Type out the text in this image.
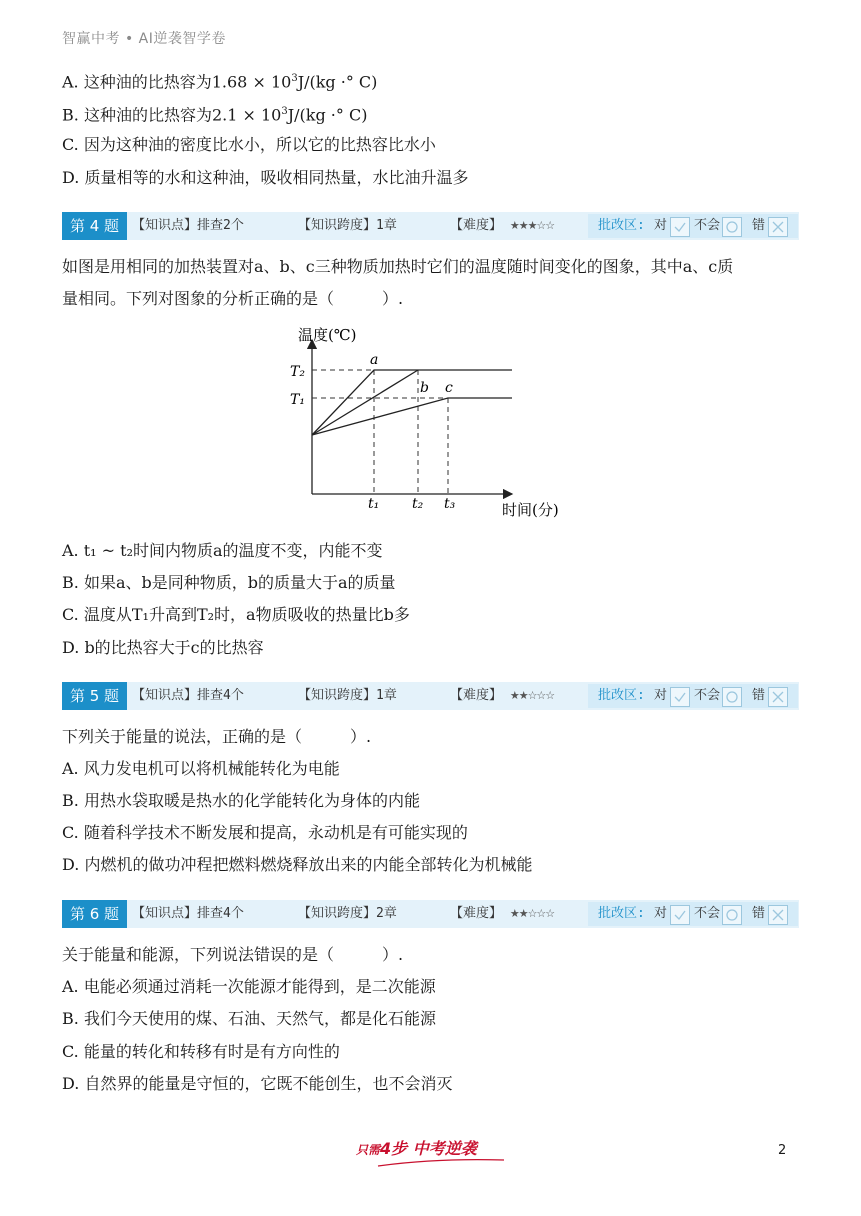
智赢中考 • AI逆袭智学卷
A. 这种油的比热容为$1.68 \times 10^3J/(kg$ ·° C)
B. 这种油的比热容为$2.1 \times 10^3J/(kg$ ·° C)
C. 因为这种油的密度比水小，所以它的比热容比水小
D. 质量相等的水和这种油，吸收相同热量，水比油升温多
第 4 题 【知识点】排查2个	【知识跨度】1章	【难度】 ★★★☆☆	批改区: 对 不会 错
如图是用相同的加热装置对a、b、c三种物质加热时它们的温度随时间变化的图象，其中a、c质
量相同。下列对图象的分析正确的是（　　　）.
温度(℃)
时间(分)
T₂
T₁
t₁ t₂ t₃
a
b c
A. t₁ ~ t₂时间内物质a的温度不变，内能不变
B. 如果a、b是同种物质，b的质量大于a的质量
C. 温度从T₁升高到T₂时，a物质吸收的热量比b多
D. b的比热容大于c的比热容
第 5 题 【知识点】排查4个	【知识跨度】1章	【难度】 ★★☆☆☆	批改区: 对 不会 错
下列关于能量的说法，正确的是（　　　）.
A. 风力发电机可以将机械能转化为电能
B. 用热水袋取暖是热水的化学能转化为身体的内能
C. 随着科学技术不断发展和提高，永动机是有可能实现的
D. 内燃机的做功冲程把燃料燃烧释放出来的内能全部转化为机械能
第 6 题 【知识点】排查4个	【知识跨度】2章	【难度】 ★★☆☆☆	批改区: 对 不会 错
关于能量和能源，下列说法错误的是（　　　）.
A. 电能必须通过消耗一次能源才能得到，是二次能源
B. 我们今天使用的煤、石油、天然气，都是化石能源
C. 能量的转化和转移有时是有方向性的
D. 自然界的能量是守恒的，它既不能创生，也不会消灭
只需4步 中考逆袭	2
